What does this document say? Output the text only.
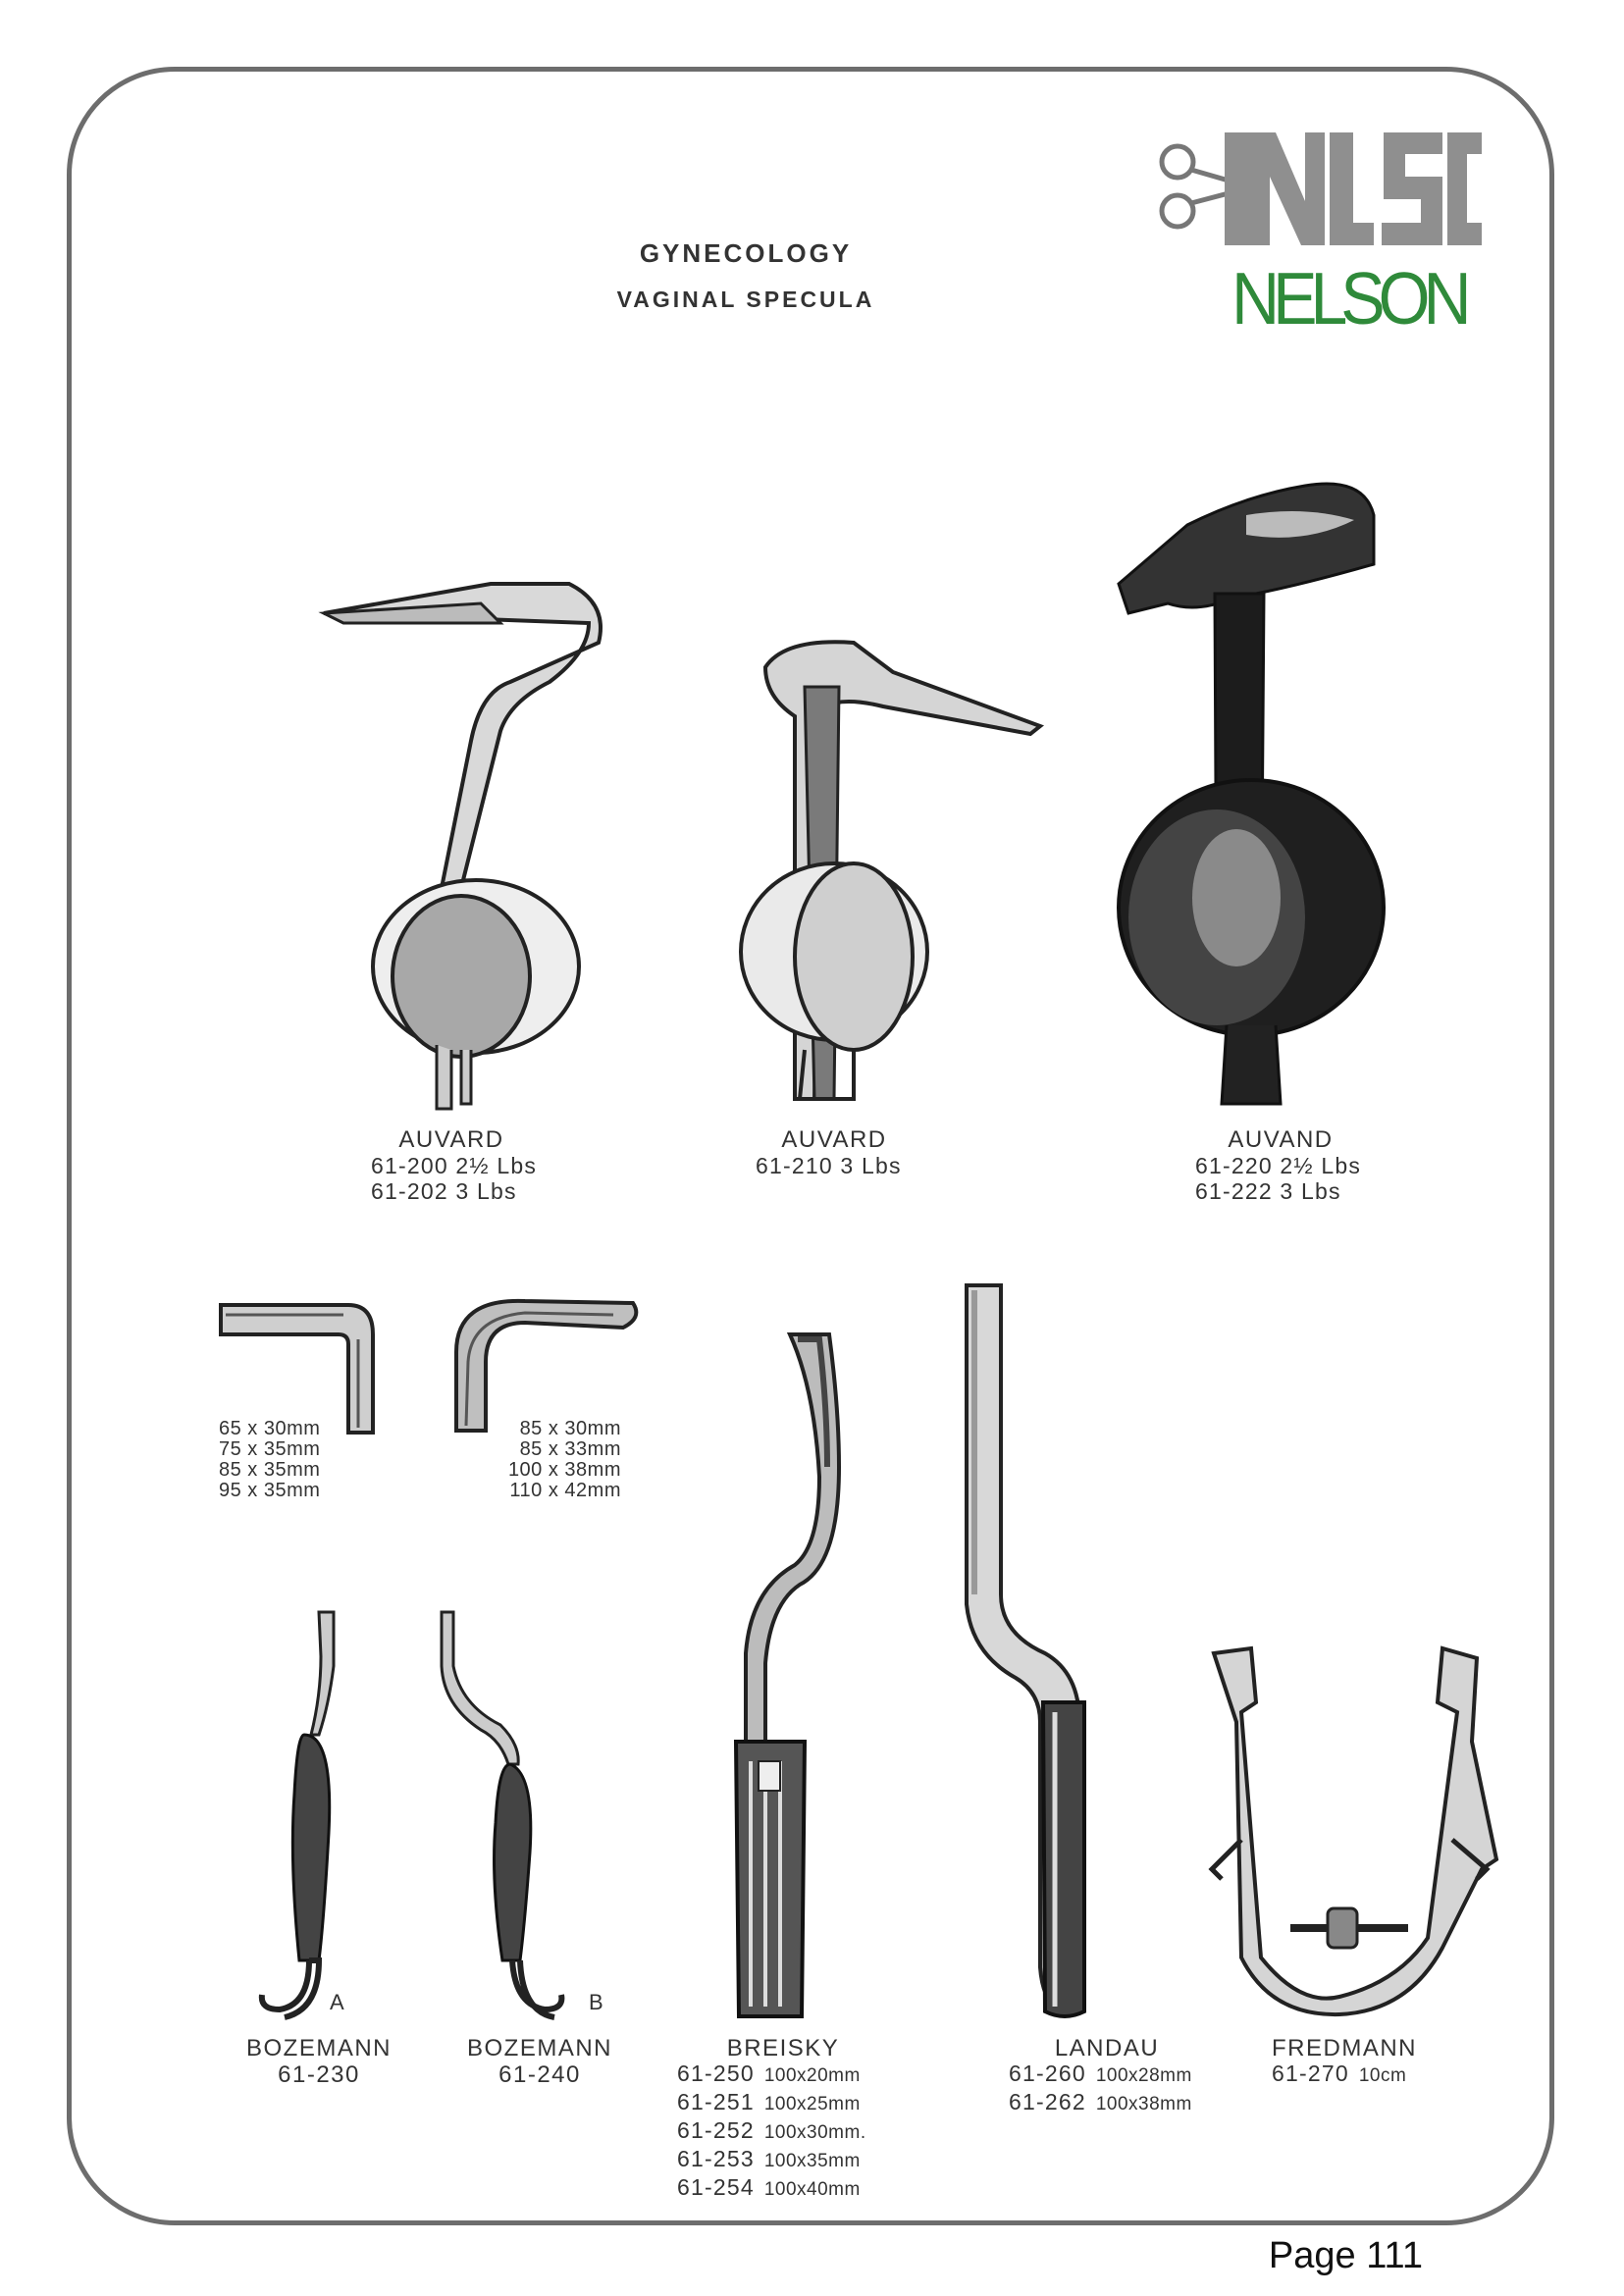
GYNECOLOGY
VAGINAL SPECULA	NELSON
AUVARD
61-200 2½ Lbs
61-202 3 Lbs
AUVARD
61-210 3 Lbs
AUVAND
61-220 2½ Lbs
61-222 3 Lbs
65 x 30mm
75 x 35mm
85 x 35mm
95 x 35mm
85 x 30mm
85 x 33mm
100 x 38mm
110 x 42mm
A	B
BOZEMANN
61-230
BOZEMANN
61-240
BREISKY
61-250 100x20mm
61-251 100x25mm
61-252 100x30mm.
61-253 100x35mm
61-254 100x40mm
LANDAU
61-260 100x28mm
61-262 100x38mm
FREDMANN
61-270 10cm
Page 111
